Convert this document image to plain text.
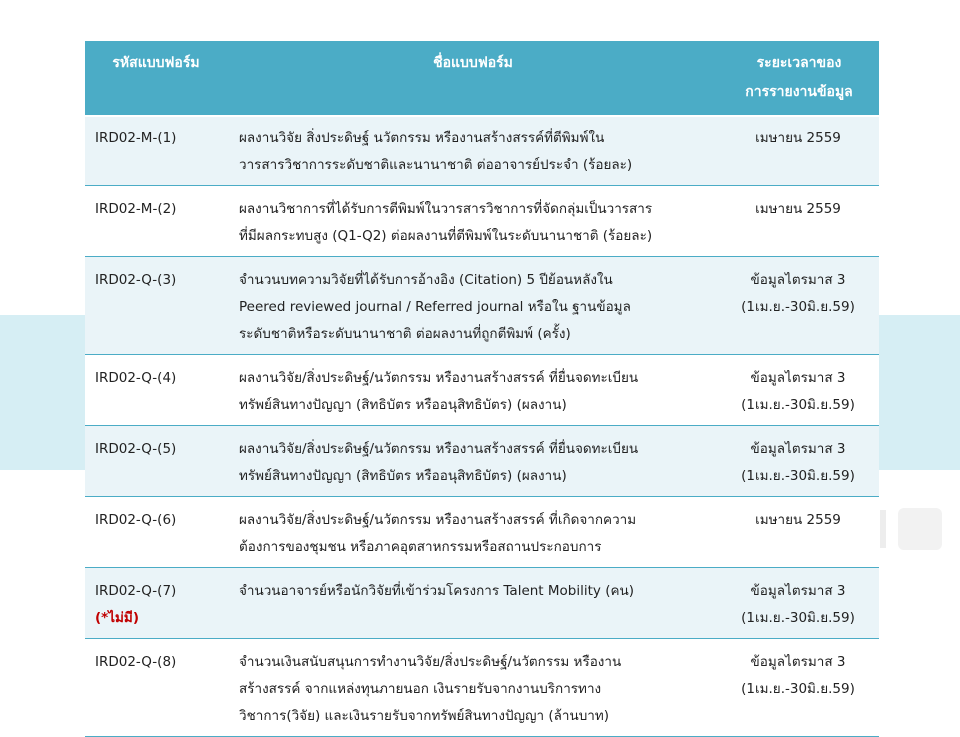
รหัสแบบฟอร์ม	ชื่อแบบฟอร์ม	ระยะเวลาของ
การรายงานข้อมูล

IRD02-M-(1)	ผลงานวิจัย สิ่งประดิษฐ์ นวัตกรรม หรืองานสร้างสรรค์ที่ตีพิมพ์ใน
วารสารวิชาการระดับชาติและนานาชาติ ต่ออาจารย์ประจำ (ร้อยละ)	เมษายน 2559

IRD02-M-(2)	ผลงานวิชาการที่ได้รับการตีพิมพ์ในวารสารวิชาการที่จัดกลุ่มเป็นวารสาร
ที่มีผลกระทบสูง (Q1-Q2) ต่อผลงานที่ตีพิมพ์ในระดับนานาชาติ (ร้อยละ)	เมษายน 2559

IRD02-Q-(3)	จำนวนบทความวิจัยที่ได้รับการอ้างอิง (Citation) 5 ปีย้อนหลังใน
Peered reviewed journal / Referred journal หรือใน ฐานข้อมูล
ระดับชาติหรือระดับนานาชาติ ต่อผลงานที่ถูกตีพิมพ์ (ครั้ง)	ข้อมูลไตรมาส 3
(1เม.ย.-30มิ.ย.59)

IRD02-Q-(4)	ผลงานวิจัย/สิ่งประดิษฐ์/นวัตกรรม หรืองานสร้างสรรค์ ที่ยื่นจดทะเบียน
ทรัพย์สินทางปัญญา (สิทธิบัตร หรืออนุสิทธิบัตร) (ผลงาน)	ข้อมูลไตรมาส 3
(1เม.ย.-30มิ.ย.59)

IRD02-Q-(5)	ผลงานวิจัย/สิ่งประดิษฐ์/นวัตกรรม หรืองานสร้างสรรค์ ที่ยื่นจดทะเบียน
ทรัพย์สินทางปัญญา (สิทธิบัตร หรืออนุสิทธิบัตร) (ผลงาน)	ข้อมูลไตรมาส 3
(1เม.ย.-30มิ.ย.59)

IRD02-Q-(6)	ผลงานวิจัย/สิ่งประดิษฐ์/นวัตกรรม หรืองานสร้างสรรค์ ที่เกิดจากความ
ต้องการของชุมชน หรือภาคอุตสาหกรรมหรือสถานประกอบการ	เมษายน 2559

IRD02-Q-(7)
(*ไม่มี)	จำนวนอาจารย์หรือนักวิจัยที่เข้าร่วมโครงการ Talent Mobility (คน)	ข้อมูลไตรมาส 3
(1เม.ย.-30มิ.ย.59)

IRD02-Q-(8)	จำนวนเงินสนับสนุนการทำงานวิจัย/สิ่งประดิษฐ์/นวัตกรรม หรืองาน
สร้างสรรค์ จากแหล่งทุนภายนอก เงินรายรับจากงานบริการทาง
วิชาการ(วิจัย) และเงินรายรับจากทรัพย์สินทางปัญญา (ล้านบาท)	ข้อมูลไตรมาส 3
(1เม.ย.-30มิ.ย.59)
